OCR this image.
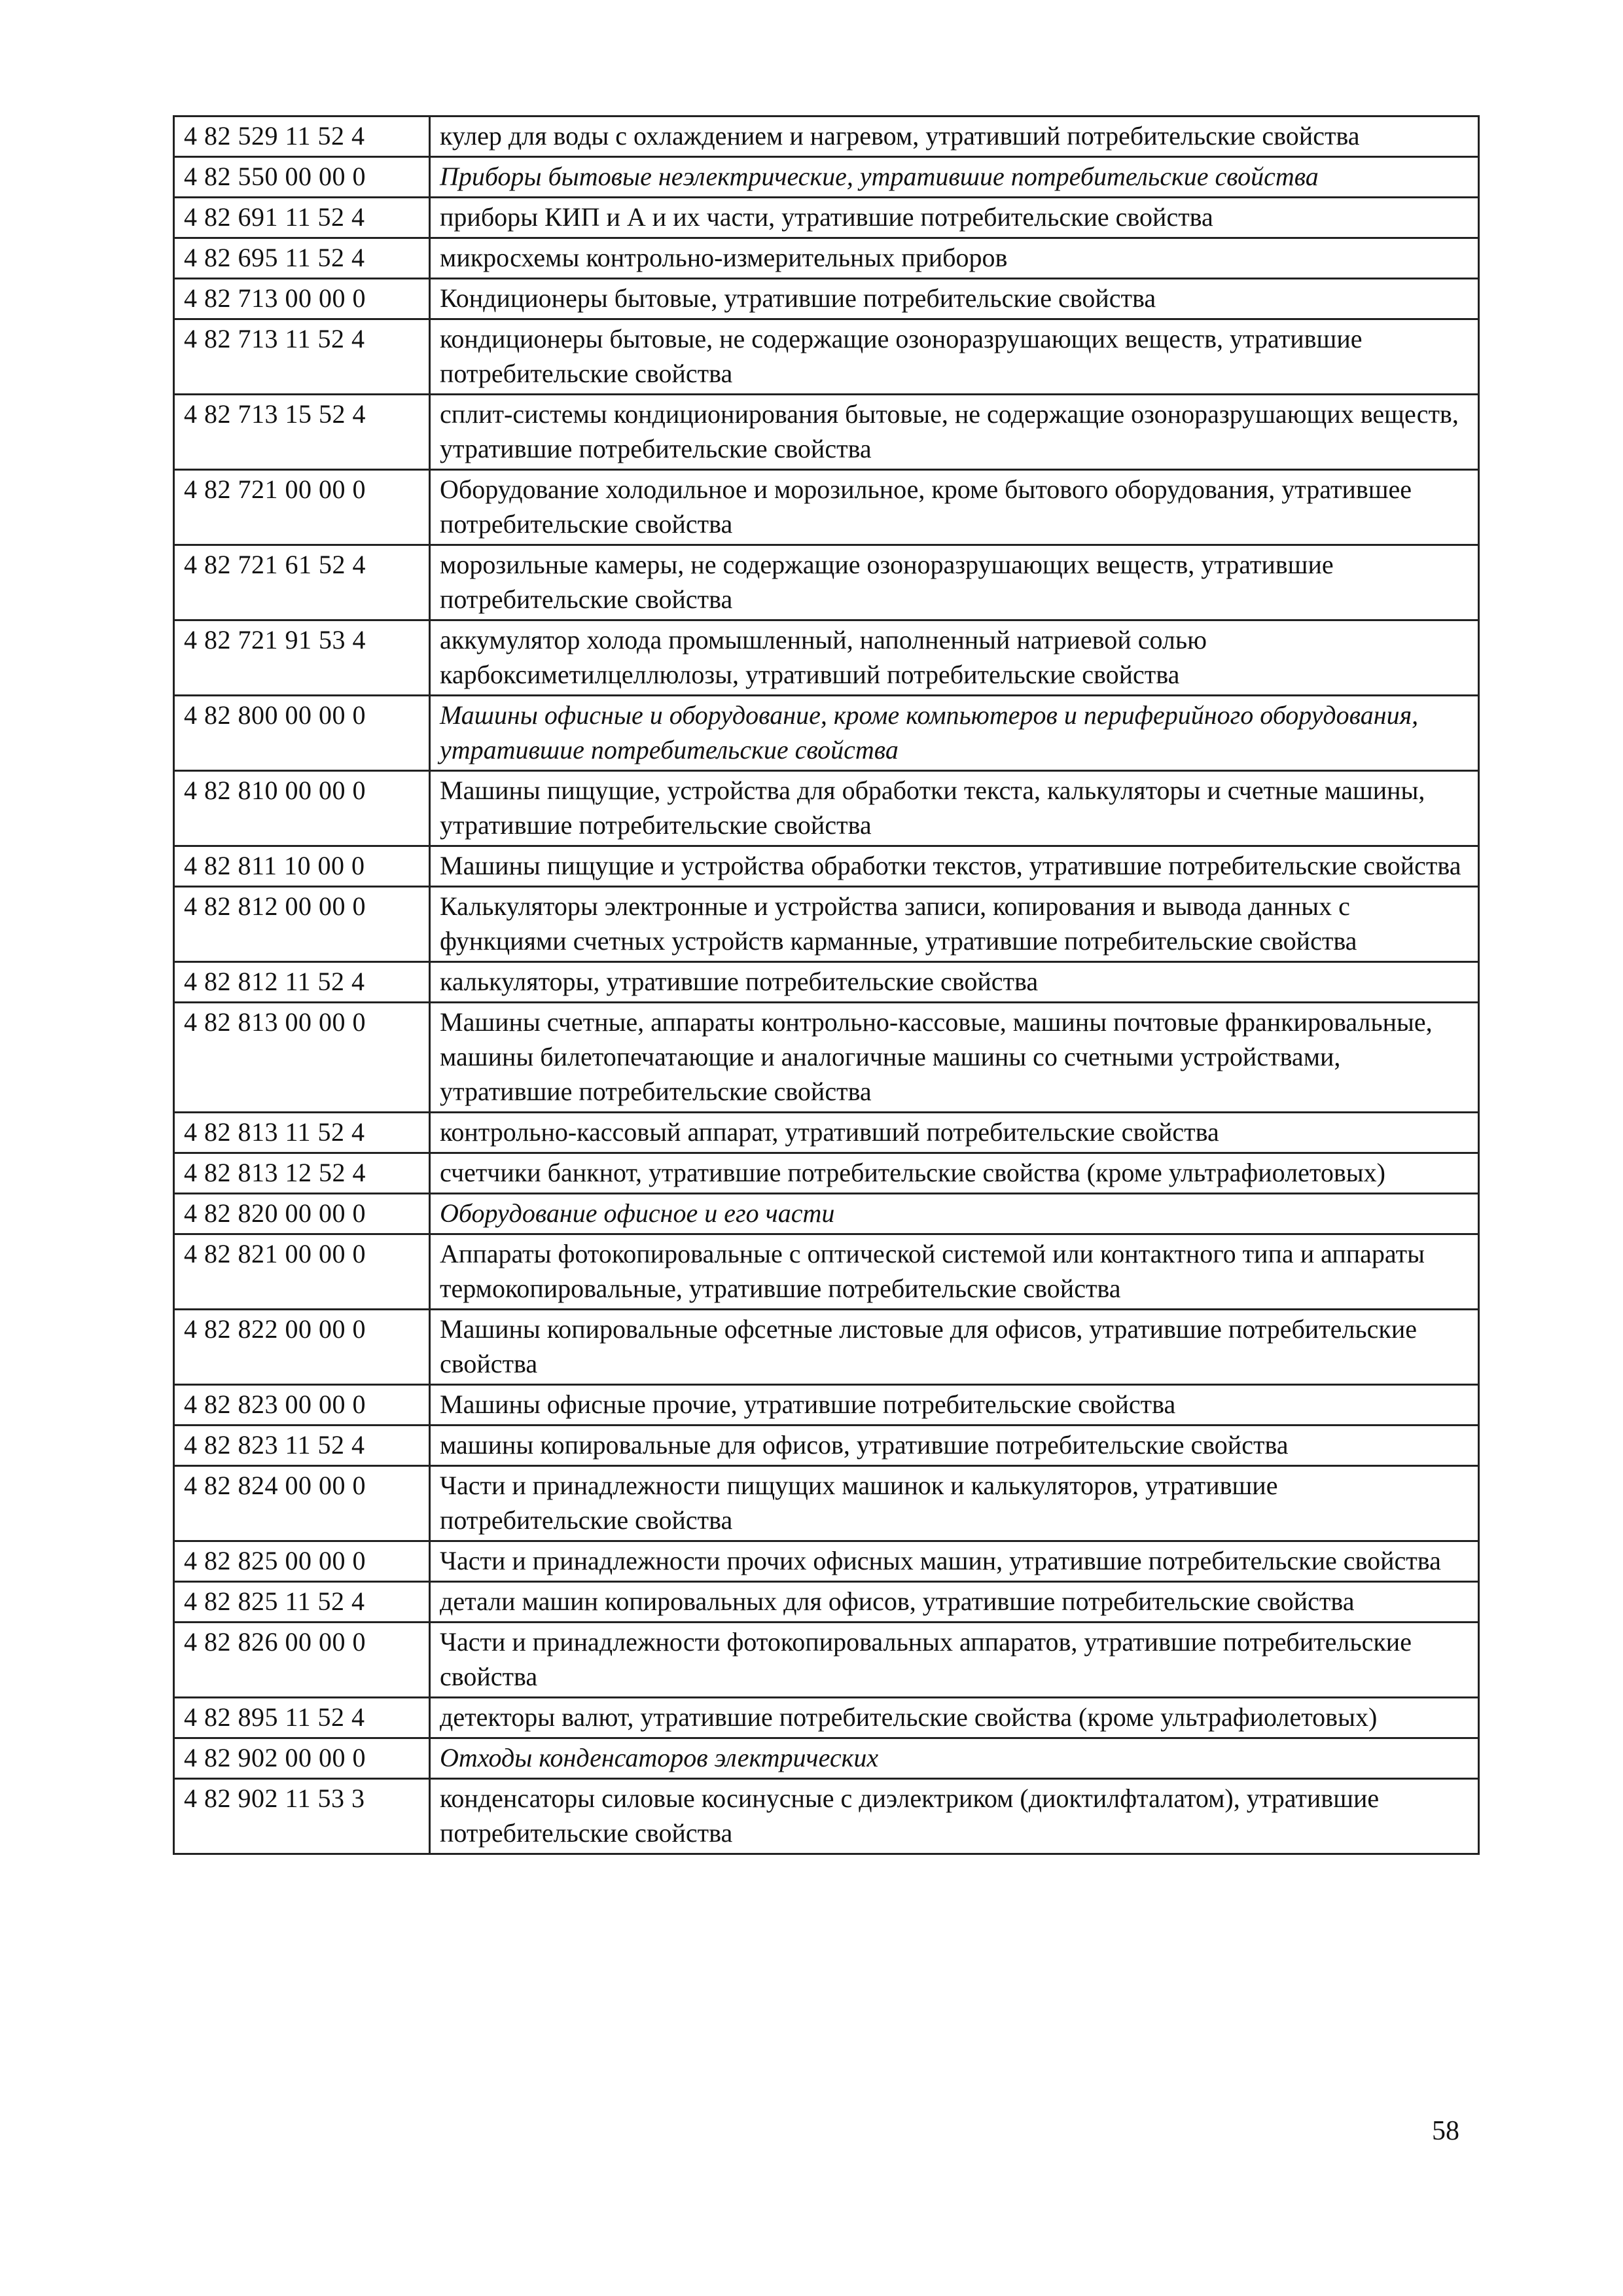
4 82 529 11 52 4	кулер для воды с охлаждением и нагревом, утративший потребительские свойства
4 82 550 00 00 0	Приборы бытовые неэлектрические, утратившие потребительские свойства
4 82 691 11 52 4	приборы КИП и А и их части, утратившие потребительские свойства
4 82 695 11 52 4	микросхемы контрольно-измерительных приборов
4 82 713 00 00 0	Кондиционеры бытовые, утратившие потребительские свойства
4 82 713 11 52 4	кондиционеры бытовые, не содержащие озоноразрушающих веществ, утратившие потребительские свойства
4 82 713 15 52 4	сплит-системы кондиционирования бытовые, не содержащие озоноразрушающих веществ, утратившие потребительские свойства
4 82 721 00 00 0	Оборудование холодильное и морозильное, кроме бытового оборудования, утратившее потребительские свойства
4 82 721 61 52 4	морозильные камеры, не содержащие озоноразрушающих веществ, утратившие потребительские свойства
4 82 721 91 53 4	аккумулятор холода промышленный, наполненный натриевой солью карбоксиметилцеллюлозы, утративший потребительские свойства
4 82 800 00 00 0	Машины офисные и оборудование, кроме компьютеров и периферийного оборудования, утратившие потребительские свойства
4 82 810 00 00 0	Машины пищущие, устройства для обработки текста, калькуляторы и счетные машины, утратившие потребительские свойства
4 82 811 10 00 0	Машины пищущие и устройства обработки текстов, утратившие потребительские свойства
4 82 812 00 00 0	Калькуляторы электронные и устройства записи, копирования и вывода данных с функциями счетных устройств карманные, утратившие потребительские свойства
4 82 812 11 52 4	калькуляторы, утратившие потребительские свойства
4 82 813 00 00 0	Машины счетные, аппараты контрольно-кассовые, машины почтовые франкировальные, машины билетопечатающие и аналогичные машины со счетными устройствами, утратившие потребительские свойства
4 82 813 11 52 4	контрольно-кассовый аппарат, утративший потребительские свойства
4 82 813 12 52 4	счетчики банкнот, утратившие потребительские свойства (кроме ультрафиолетовых)
4 82 820 00 00 0	Оборудование офисное и его части
4 82 821 00 00 0	Аппараты фотокопировальные с оптической системой или контактного типа и аппараты термокопировальные, утратившие потребительские свойства
4 82 822 00 00 0	Машины копировальные офсетные листовые для офисов, утратившие потребительские свойства
4 82 823 00 00 0	Машины офисные прочие, утратившие потребительские свойства
4 82 823 11 52 4	машины копировальные для офисов, утратившие потребительские свойства
4 82 824 00 00 0	Части и принадлежности пищущих машинок и калькуляторов, утратившие потребительские свойства
4 82 825 00 00 0	Части и принадлежности прочих офисных машин, утратившие потребительские свойства
4 82 825 11 52 4	детали машин копировальных для офисов, утратившие потребительские свойства
4 82 826 00 00 0	Части и принадлежности фотокопировальных аппаратов, утратившие потребительские свойства
4 82 895 11 52 4	детекторы валют, утратившие потребительские свойства (кроме ультрафиолетовых)
4 82 902 00 00 0	Отходы конденсаторов электрических
4 82 902 11 53 3	конденсаторы силовые косинусные с диэлектриком (диоктилфталатом), утратившие потребительские свойства
58
